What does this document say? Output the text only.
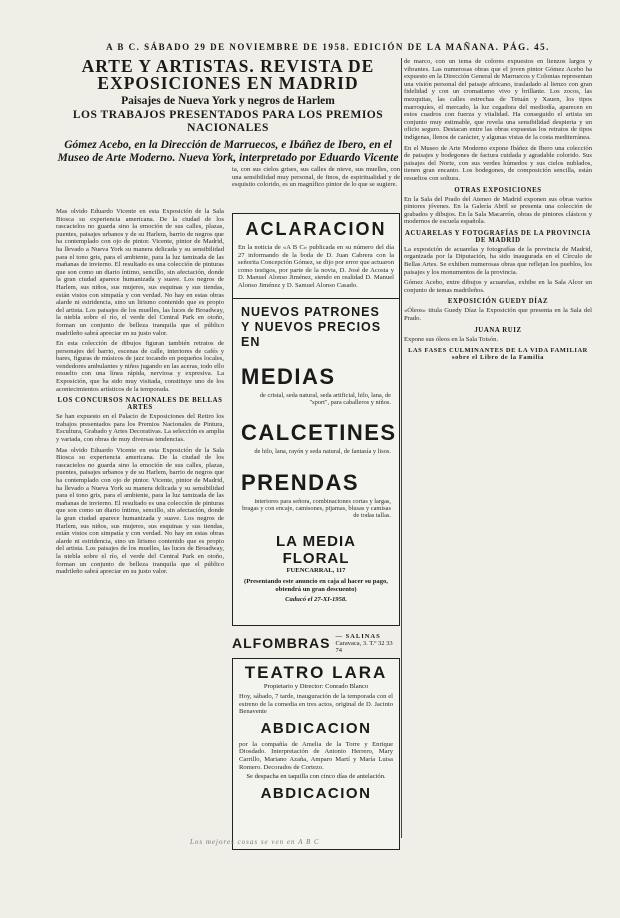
A B C. SÁBADO 29 DE NOVIEMBRE DE 1958. EDICIÓN DE LA MAÑANA. PÁG. 45.
ARTE Y ARTISTAS. REVISTA DE EXPOSICIONES EN MADRID
Paisajes de Nueva York y negros de Harlem
LOS TRABAJOS PRESENTADOS PARA LOS PREMIOS NACIONALES
Gómez Acebo, en la Dirección de Marruecos, e Ibáñez de Ibero, en el Museo de Arte Moderno. Nueva York, interpretado por Eduardo Vicente
Mas olvido Eduardo Vicente en esta Exposición de la Sala Biosca su experiencia americana. De la ciudad de los rascacielos no guarda sino la emoción de sus calles, plazas, puentes, paisajes urbanos y de su Harlem, barrio de negros que ha contemplado con ojo de pintor. Vicente, pintor de Madrid, ha llevado a Nueva York su manera delicada y su sensibilidad para el tono gris, para el ambiente, para la luz tamizada de las mañanas de invierno. El resultado es una colección de pinturas que son como un diario íntimo, sencillo, sin afectación, donde la gran ciudad aparece humanizada y suave. Los negros de Harlem, sus niños, sus mujeres, sus esquinas y sus tiendas, están vistos con simpatía y con verdad. No hay en estas obras alarde ni estridencia, sino un lirismo contenido que es propio del artista. Los paisajes de los muelles, las luces de Broadway, la niebla sobre el río, el verde del Central Park en otoño, forman un conjunto de belleza tranquila que el público madrileño sabrá apreciar en su justo valor.
En esta colección de dibujos figuran también retratos de personajes del barrio, escenas de calle, interiores de cafés y bares, figuras de músicos de jazz tocando en pequeños locales, vendedores ambulantes y niños jugando en las aceras, todo ello resuelto con una línea rápida, nerviosa y expresiva. La Exposición, que ha sido muy visitada, constituye uno de los acontecimientos artísticos de la temporada.
LOS CONCURSOS NACIONALES DE BELLAS ARTES
Se han expuesto en el Palacio de Exposiciones del Retiro los trabajos presentados para los Premios Nacionales de Pintura, Escultura, Grabado y Artes Decorativas. La selección es amplia y variada, con obras de muy diversas tendencias.
Mas olvido Eduardo Vicente en esta Exposición de la Sala Biosca su experiencia americana. De la ciudad de los rascacielos no guarda sino la emoción de sus calles, plazas, puentes, paisajes urbanos y de su Harlem, barrio de negros que ha contemplado con ojo de pintor. Vicente, pintor de Madrid, ha llevado a Nueva York su manera delicada y su sensibilidad para el tono gris, para el ambiente, para la luz tamizada de las mañanas de invierno. El resultado es una colección de pinturas que son como un diario íntimo, sencillo, sin afectación, donde la gran ciudad aparece humanizada y suave. Los negros de Harlem, sus niños, sus mujeres, sus esquinas y sus tiendas, están vistos con simpatía y con verdad. No hay en estas obras alarde ni estridencia, sino un lirismo contenido que es propio del artista. Los paisajes de los muelles, las luces de Broadway, la niebla sobre el río, el verde del Central Park en otoño, forman un conjunto de belleza tranquila que el público madrileño sabrá apreciar en su justo valor.
ta, con sus cielos grises, sus calles de nieve, sus muelles, con una sensibilidad muy personal, de finos, de espiritualidad y de esquisito colorido, es un magnífico pintor de lo que se sugiere.
ACLARACION
En la noticia de «A B C» publicada en su número del día 27 informando de la boda de D. Juan Cabrera con la señorita Concepción Gómez, se dijo por error que actuaron como testigos, por parte de la novia, D. José de Acosta y D. Manuel Alonso Jiménez, siendo en realidad D. Manuel Alonso Jiménez y D. Samuel Alonso Casado.
NUEVOS PATRONES Y NUEVOS PRECIOS EN
MEDIAS
de cristal, seda natural, seda artificial, hilo, lana, de "sport", para caballeros y niños.
CALCETINES
de hilo, lana, rayón y seda natural, de fantasía y lisos.
PRENDAS
interiores para señora, combinaciones cortas y largas, bragas y con encaje, camisones, pijamas, blusas y camisas de todas tallas.
LA MEDIA FLORAL
FUENCARRAL, 117
(Presentando este anuncio en caja al hacer su pago, obtendrá un gran descuento)
Caducó el 27-XI-1958.
ALFOMBRAS — SALINAS
Caravaca, 3. T.º 32 33 74
TEATRO LARA
Propietario y Director: Conrado Blanco
Hoy, sábado, 7 tarde, inauguración de la temporada con el estreno de la comedia en tres actos, original de D. Jacinto Benavente
ABDICACION
por la compañía de Amelia de la Torre y Enrique Diosdado. Interpretación de Antonio Herrero, Mary Carrillo, Mariano Azaña, Amparo Martí y María Luisa Romero. Decorados de Cortezo.
Se despacha en taquilla con cinco días de antelación.
ABDICACION
de marco, con un tema de colores expuestos en lienzos largos y vibrantes. Las numerosas obras que el joven pintor Gómez Acebo ha expuesto en la Dirección General de Marruecos y Colonias representan una visión personal del paisaje africano, trasladado al lienzo con gran fidelidad y con un cromatismo vivo y brillante. Los zocos, las mezquitas, las calles estrechas de Tetuán y Xauen, los tipos marroquíes, el mercado, la luz cegadora del mediodía, aparecen en estos cuadros con fuerza y vitalidad. Ha conseguido el artista un conjunto muy estimable, que revela una sensibilidad despierta y un oficio seguro. Destacan entre las obras expuestas los retratos de tipos indígenas, llenos de carácter, y algunas vistas de la costa mediterránea.
En el Museo de Arte Moderno expone Ibáñez de Ibero una colección de paisajes y bodegones de factura cuidada y agradable colorido. Sus paisajes del Norte, con sus verdes húmedos y sus cielos nublados, tienen gran encanto. Los bodegones, de composición sencilla, están resueltos con soltura.
OTRAS EXPOSICIONES
En la Sala del Prado del Ateneo de Madrid exponen sus obras varios pintores jóvenes. En la Galería Abril se presenta una colección de grabados y dibujos. En la Sala Macarrón, obras de pintores clásicos y modernos de escuela española.
ACUARELAS Y FOTOGRAFÍAS DE LA PROVINCIA DE MADRID
La exposición de acuarelas y fotografías de la provincia de Madrid, organizada por la Diputación, ha sido inaugurada en el Círculo de Bellas Artes. Se exhiben numerosas obras que reflejan los pueblos, los paisajes y los monumentos de la provincia.
Gómez Acebo, entre dibujos y acuarelas, exhibe en la Sala Alcor un conjunto de temas madrileños.
EXPOSICIÓN GUEDY DÍAZ
«Óleos» titula Guedy Díaz la Exposición que presenta en la Sala del Prado.
JUANA RUIZ
Expone sus óleos en la Sala Toisón.
LAS FASES CULMINANTES DE LA VIDA FAMILIAR sobre el Libro de la Familia
Los mejores cosas se ven en A B C
